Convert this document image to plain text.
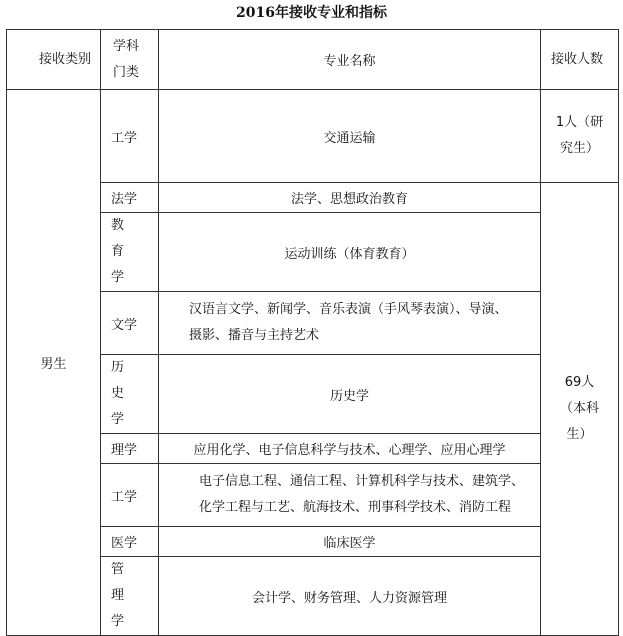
2016年接收专业和指标
接收类别	学科门类	专业名称	接收人数

男生	工学	交通运输	1人（研究生）

	法学	法学、思想政治教育	69人（本科生）

	教育学	运动训练（体育教育）	
	文学	汉语言文学、新闻学、音乐表演（手风琴表演）、导演、摄影、播音与主持艺术	

	历史学	历史学	
	理学	应用化学、电子信息科学与技术、心理学、应用心理学	
	工学	电子信息工程、通信工程、计算机科学与技术、建筑学、化学工程与工艺、航海技术、刑事科学技术、消防工程	

	医学	临床医学	

	管理学	会计学、财务管理、人力资源管理	
